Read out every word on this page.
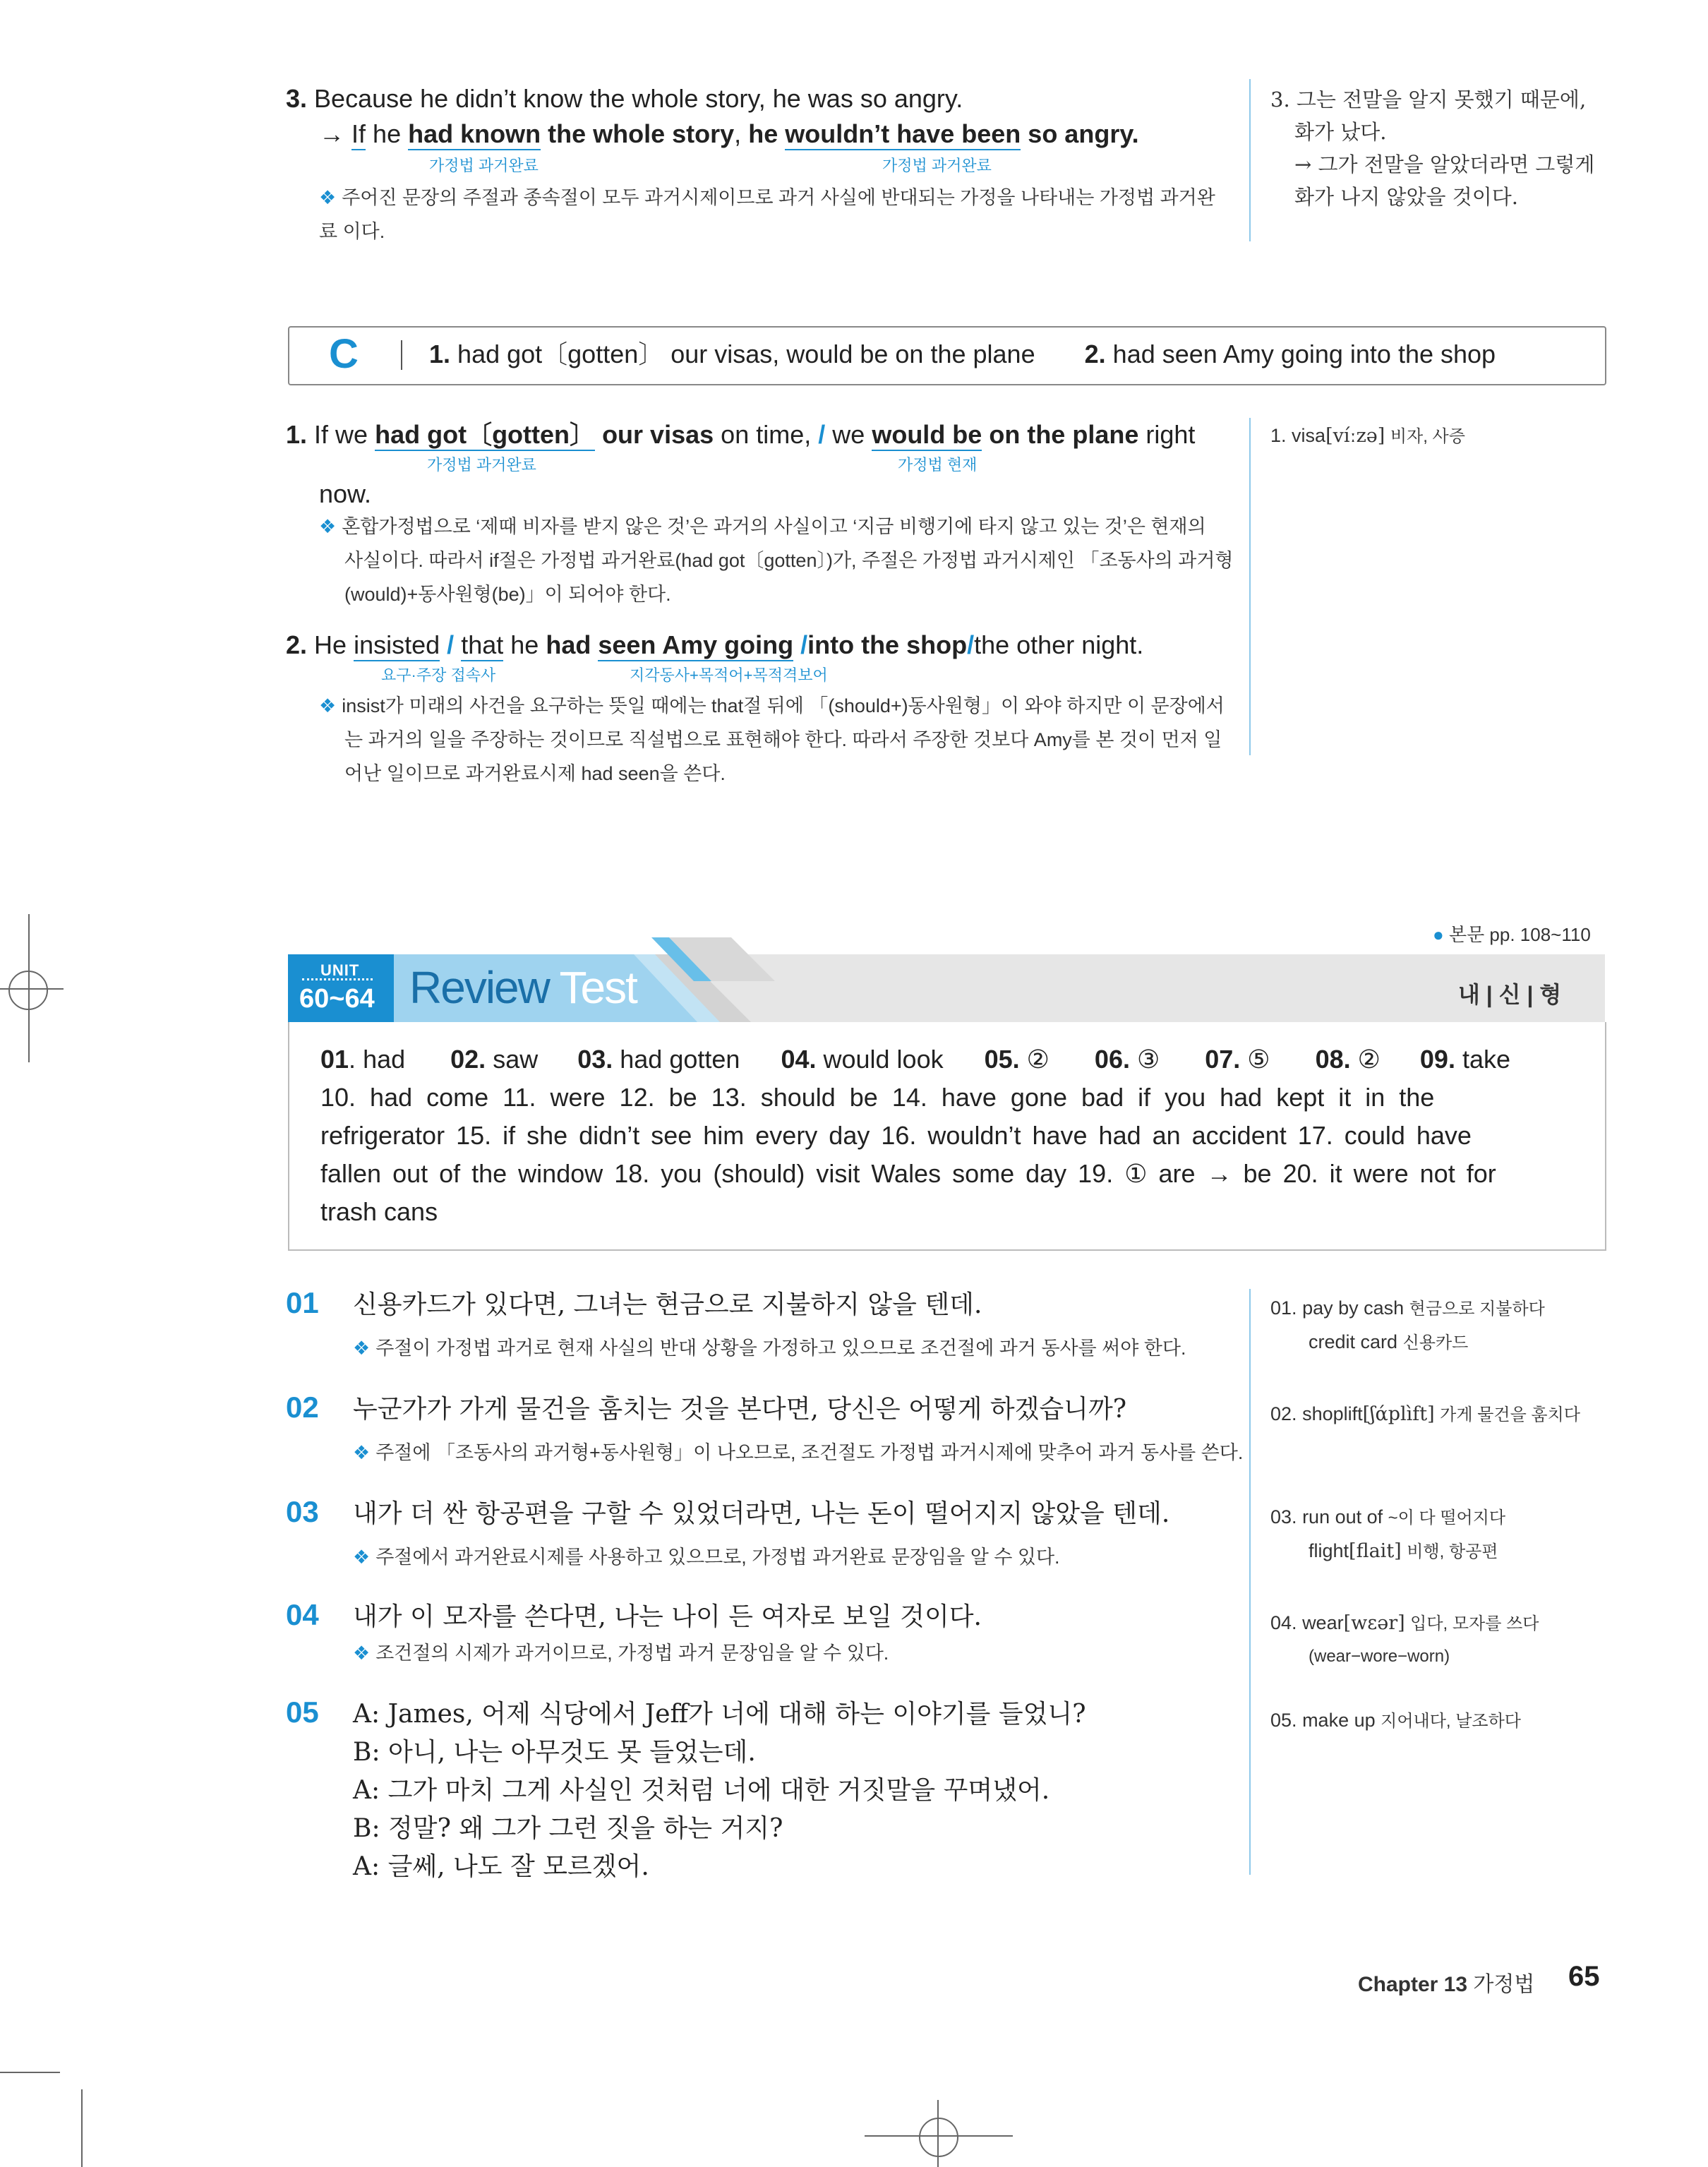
3. Because he didn’t know the whole story, he was so angry.
→ If he had known the whole story, he wouldn’t have been so angry.
가정법 과거완료	가정법 과거완료
❖ 주어진 문장의 주절과 종속절이 모두 과거시제이므로 과거 사실에 반대되는 가정을 나타내는 가정법 과거완료 이다.
3. 그는 전말을 알지 못했기 때문에,
화가 났다.
→ 그가 전말을 알았더라면 그렇게
화가 나지 않았을 것이다.
C	1. had got〔gotten〕 our visas, would be on the plane 2. had seen Amy going into the shop
1. If we had got〔gotten〕 our visas on time, / we would be on the plane right
가정법 과거완료	가정법 현재
now.
❖ 혼합가정법으로 ‘제때 비자를 받지 않은 것’은 과거의 사실이고 ‘지금 비행기에 타지 않고 있는 것’은 현재의
사실이다. 따라서 if절은 가정법 과거완료(had got〔gotten〕)가, 주절은 가정법 과거시제인 「조동사의 과거형
(would)+동사원형(be)」이 되어야 한다.
2. He insisted / that he had seen Amy going /into the shop/the other night.
요구·주장 접속사	지각동사+목적어+목적격보어
❖ insist가 미래의 사건을 요구하는 뜻일 때에는 that절 뒤에 「(should+)동사원형」이 와야 하지만 이 문장에서
는 과거의 일을 주장하는 것이므로 직설법으로 표현해야 한다. 따라서 주장한 것보다 Amy를 본 것이 먼저 일
어난 일이므로 과거완료시제 had seen을 쓴다.
1. visa[víːzə] 비자, 사증
● 본문 pp. 108~110
UNIT
60~64 Review Test	내 | 신 | 형
01. had 02. saw 03. had gotten 04. would look 05. ② 06. ③ 07. ⑤ 08. ② 09. take
10. had come 11. were 12. be 13. should be 14. have gone bad if you had kept it in the
refrigerator 15. if she didn’t see him every day 16. wouldn’t have had an accident 17. could have
fallen out of the window 18. you (should) visit Wales some day 19. ① are → be 20. it were not for
trash cans
01 신용카드가 있다면, 그녀는 현금으로 지불하지 않을 텐데.
❖ 주절이 가정법 과거로 현재 사실의 반대 상황을 가정하고 있으므로 조건절에 과거 동사를 써야 한다.
02 누군가가 가게 물건을 훔치는 것을 본다면, 당신은 어떻게 하겠습니까?
❖ 주절에 「조동사의 과거형+동사원형」이 나오므로, 조건절도 가정법 과거시제에 맞추어 과거 동사를 쓴다.
03 내가 더 싼 항공편을 구할 수 있었더라면, 나는 돈이 떨어지지 않았을 텐데.
❖ 주절에서 과거완료시제를 사용하고 있으므로, 가정법 과거완료 문장임을 알 수 있다.
04 내가 이 모자를 쓴다면, 나는 나이 든 여자로 보일 것이다.
❖ 조건절의 시제가 과거이므로, 가정법 과거 문장임을 알 수 있다.
05 A: James, 어제 식당에서 Jeff가 너에 대해 하는 이야기를 들었니?
B: 아니, 나는 아무것도 못 들었는데.
A: 그가 마치 그게 사실인 것처럼 너에 대한 거짓말을 꾸며냈어.
B: 정말? 왜 그가 그런 짓을 하는 거지?
A: 글쎄, 나도 잘 모르겠어.
01. pay by cash 현금으로 지불하다
credit card 신용카드
02. shoplift[ʃάplìft] 가게 물건을 훔치다
03. run out of ~이 다 떨어지다
flight[flait] 비행, 항공편
04. wear[wɛər] 입다, 모자를 쓰다
(wear−wore−worn)
05. make up 지어내다, 날조하다
Chapter 13 가정법 65
